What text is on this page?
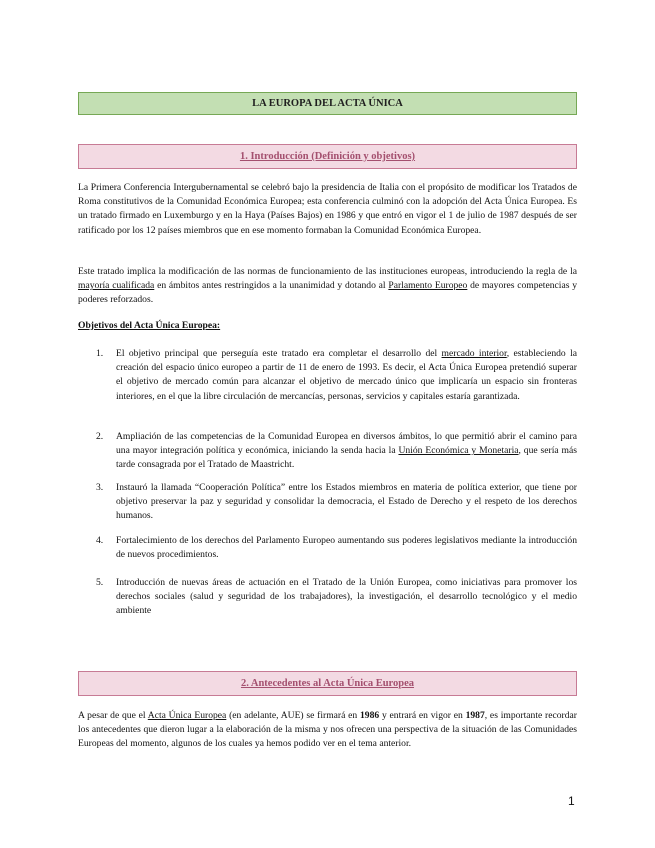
LA EUROPA DEL ACTA ÚNICA
1. Introducción (Definición y objetivos)

La Primera Conferencia Intergubernamental se celebró bajo la presidencia de Italia con el propósito de modificar los Tratados de Roma constitutivos de la Comunidad Económica Europea; esta conferencia culminó con la adopción del Acta Única Europea. Es un tratado firmado en Luxemburgo y en la Haya (Países Bajos) en 1986 y que entró en vigor el 1 de julio de 1987 después de ser ratificado por los 12 países miembros que en ese momento formaban la Comunidad Económica Europea.

Este tratado implica la modificación de las normas de funcionamiento de las instituciones europeas, introduciendo la regla de la mayoría cualificada en ámbitos antes restringidos a la unanimidad y dotando al Parlamento Europeo de mayores competencias y poderes reforzados.

Objetivos del Acta Única Europea:

1. El objetivo principal que perseguía este tratado era completar el desarrollo del mercado interior, estableciendo la creación del espacio único europeo a partir de 11 de enero de 1993. Es decir, el Acta Única Europea pretendió superar el objetivo de mercado común para alcanzar el objetivo de mercado único que implicaría un espacio sin fronteras interiores, en el que la libre circulación de mercancías, personas, servicios y capitales estaría garantizada.
2. Ampliación de las competencias de la Comunidad Europea en diversos ámbitos, lo que permitió abrir el camino para una mayor integración política y económica, iniciando la senda hacia la Unión Económica y Monetaria, que sería más tarde consagrada por el Tratado de Maastricht.
3. Instauró la llamada “Cooperación Política” entre los Estados miembros en materia de política exterior, que tiene por objetivo preservar la paz y seguridad y consolidar la democracia, el Estado de Derecho y el respeto de los derechos humanos.
4. Fortalecimiento de los derechos del Parlamento Europeo aumentando sus poderes legislativos mediante la introducción de nuevos procedimientos.
5. Introducción de nuevas áreas de actuación en el Tratado de la Unión Europea, como iniciativas para promover los derechos sociales (salud y seguridad de los trabajadores), la investigación, el desarrollo tecnológico y el medio ambiente
2. Antecedentes al Acta Única Europea

A pesar de que el Acta Única Europea (en adelante, AUE) se firmará en 1986 y entrará en vigor en 1987, es importante recordar los antecedentes que dieron lugar a la elaboración de la misma y nos ofrecen una perspectiva de la situación de las Comunidades Europeas del momento, algunos de los cuales ya hemos podido ver en el tema anterior.

1
